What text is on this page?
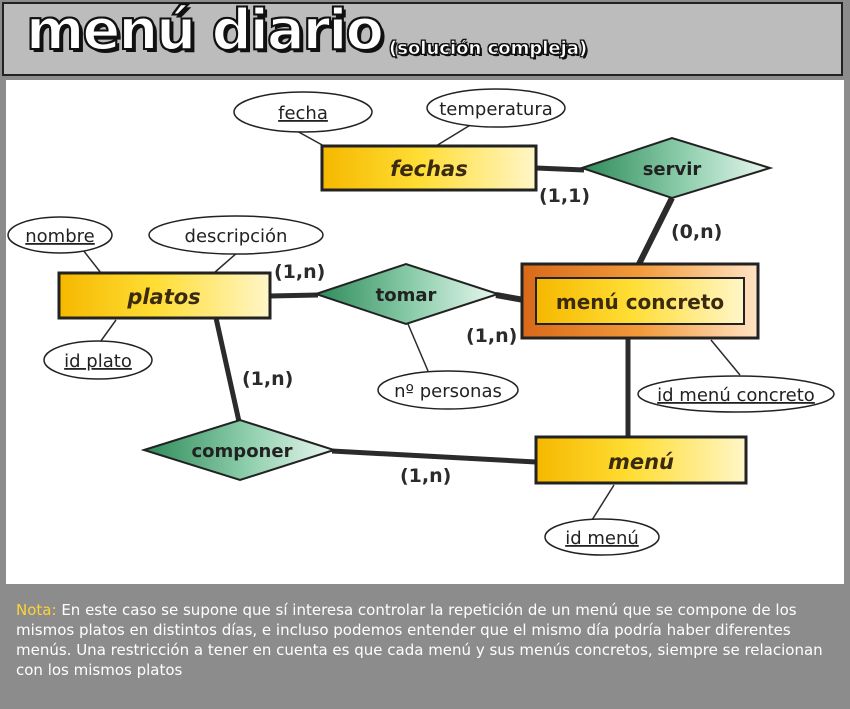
menú diario (solución compleja)
fechas
platos	menú concreto
menú
servir
tomar
componer
fecha	temperatura
nombre	descripción
id plato
nº personas	id menú concreto
id menú
(1,1)
(0,n)
(1,n)
(1,n)
(1,n)
(1,n)
Nota: En este caso se supone que sí interesa controlar la repetición de un menú que se compone de los mismos platos en distintos días, e incluso podemos entender que el mismo día podría haber diferentes menús. Una restricción a tener en cuenta es que cada menú y sus menús concretos, siempre se relacionan con los mismos platos
